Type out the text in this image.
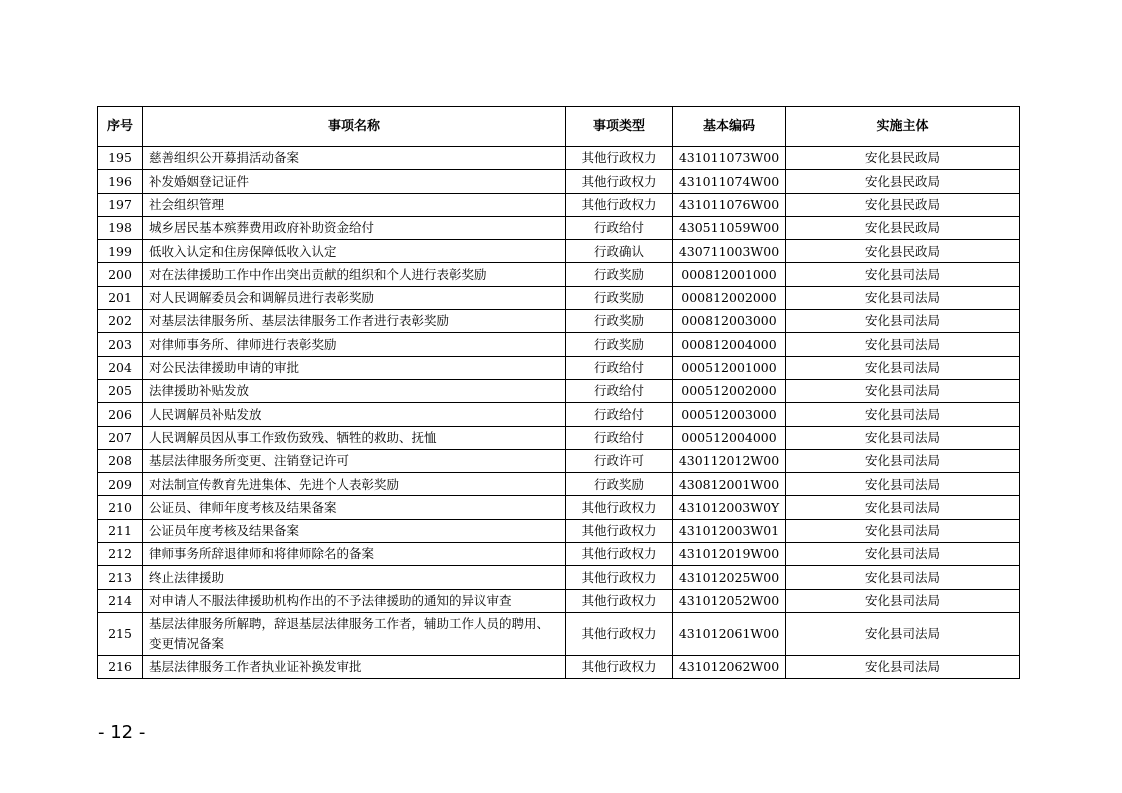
序号	事项名称	事项类型	基本编码	实施主体
195	慈善组织公开募捐活动备案	其他行政权力	431011073W00	安化县民政局
196	补发婚姻登记证件	其他行政权力	431011074W00	安化县民政局
197	社会组织管理	其他行政权力	431011076W00	安化县民政局
198	城乡居民基本殡葬费用政府补助资金给付	行政给付	430511059W00	安化县民政局
199	低收入认定和住房保障低收入认定	行政确认	430711003W00	安化县民政局
200	对在法律援助工作中作出突出贡献的组织和个人进行表彰奖励	行政奖励	000812001000	安化县司法局
201	对人民调解委员会和调解员进行表彰奖励	行政奖励	000812002000	安化县司法局
202	对基层法律服务所、基层法律服务工作者进行表彰奖励	行政奖励	000812003000	安化县司法局
203	对律师事务所、律师进行表彰奖励	行政奖励	000812004000	安化县司法局
204	对公民法律援助申请的审批	行政给付	000512001000	安化县司法局
205	法律援助补贴发放	行政给付	000512002000	安化县司法局
206	人民调解员补贴发放	行政给付	000512003000	安化县司法局
207	人民调解员因从事工作致伤致残、牺牲的救助、抚恤	行政给付	000512004000	安化县司法局
208	基层法律服务所变更、注销登记许可	行政许可	430112012W00	安化县司法局
209	对法制宣传教育先进集体、先进个人表彰奖励	行政奖励	430812001W00	安化县司法局
210	公证员、律师年度考核及结果备案	其他行政权力	431012003W0Y	安化县司法局
211	公证员年度考核及结果备案	其他行政权力	431012003W01	安化县司法局
212	律师事务所辞退律师和将律师除名的备案	其他行政权力	431012019W00	安化县司法局
213	终止法律援助	其他行政权力	431012025W00	安化县司法局
214	对申请人不服法律援助机构作出的不予法律援助的通知的异议审查	其他行政权力	431012052W00	安化县司法局
215	基层法律服务所解聘，辞退基层法律服务工作者，辅助工作人员的聘用、变更情况备案	其他行政权力	431012061W00	安化县司法局
216	基层法律服务工作者执业证补换发审批	其他行政权力	431012062W00	安化县司法局
- 12 -
